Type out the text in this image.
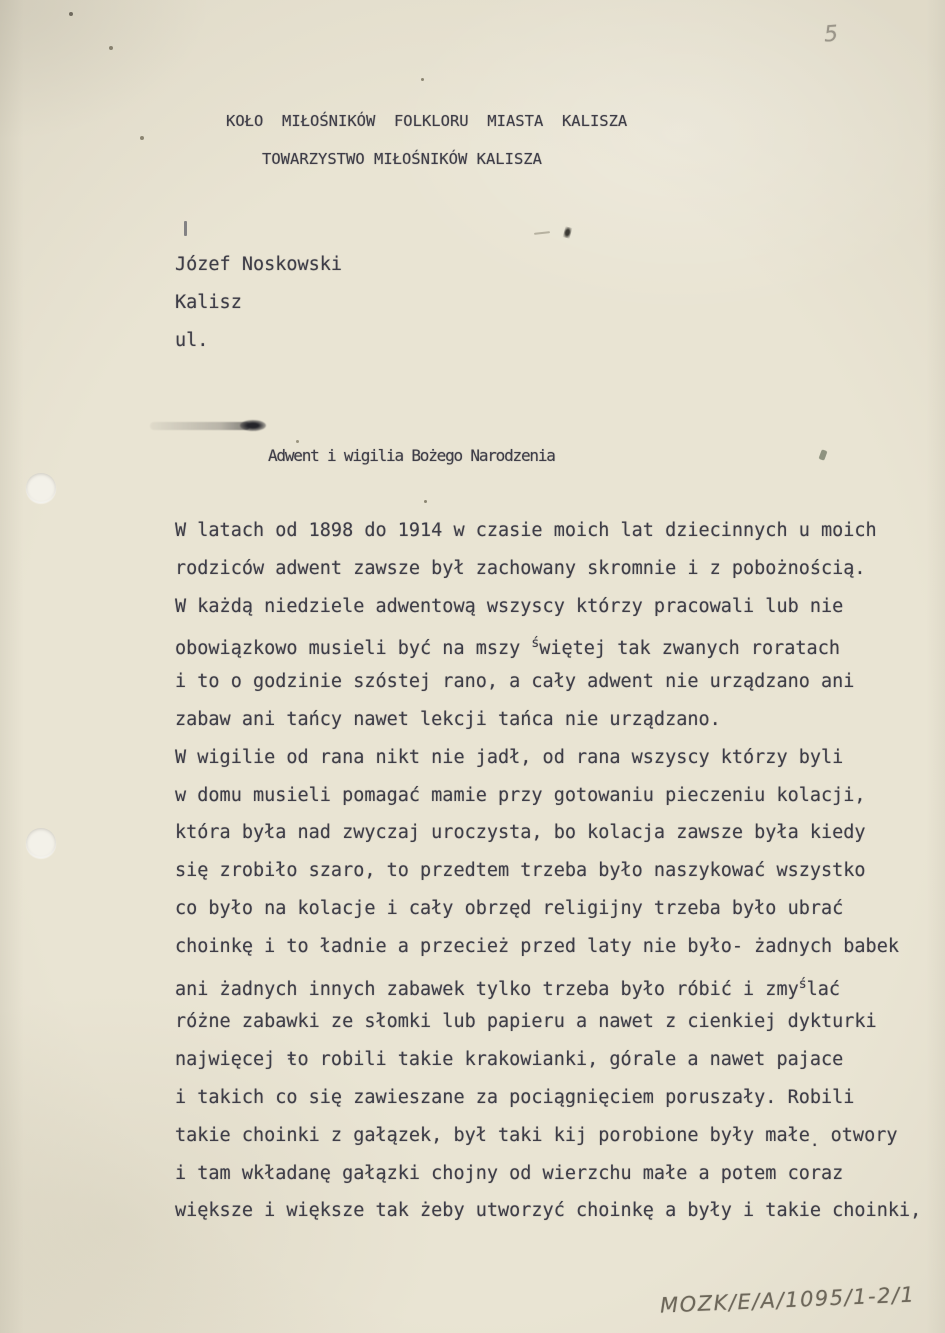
5
KOŁO  MIŁOŚNIKÓW  FOLKLORU  MIASTA  KALISZA
TOWARZYSTWO MIŁOŚNIKÓW KALISZA
Józef Noskowski
Kalisz
ul.
Adwent i wigilia Bożego Narodzenia
W latach od 1898 do 1914 w czasie moich lat dziecinnych u moich
rodziców adwent zawsze był zachowany skromnie i z pobożnością.
W każdą niedziele adwentową wszyscy którzy pracowali lub nie
obowiązkowo musieli być na mszy $^ś$więtej tak zwanych roratach
i to o godzinie szóstej rano, a cały adwent nie urządzano ani
zabaw ani tańcy nawet lekcji tańca nie urządzano.
W wigilie od rana nikt nie jadł, od rana wszyscy którzy byli
w domu musieli pomagać mamie przy gotowaniu pieczeniu kolacji,
która była nad zwyczaj uroczysta, bo kolacja zawsze była kiedy
się zrobiło szaro, to przedtem trzeba było naszykować wszystko
co było na kolacje i cały obrzęd religijny trzeba było ubrać
choinkę i to ładnie a przecież przed laty nie było- żadnych babek
ani żadnych innych zabawek tylko trzeba było róbić i zmy$^ś$lać
różne zabawki ze słomki lub papieru a nawet z cienkiej dykturki
najwięcej ŧo robili takie krakowianki, górale a nawet pajace
i takich co się zawieszane za pociągnięciem poruszały. Robili
takie choinki z gałązek, był taki kij porobione były małe. otwory
i tam wkładanę gałązki chojny od wierzchu małe a potem coraz
większe i większe tak żeby utworzyć choinkę a były i takie choinki,
MOZK/E/A/1095/1-2/1
